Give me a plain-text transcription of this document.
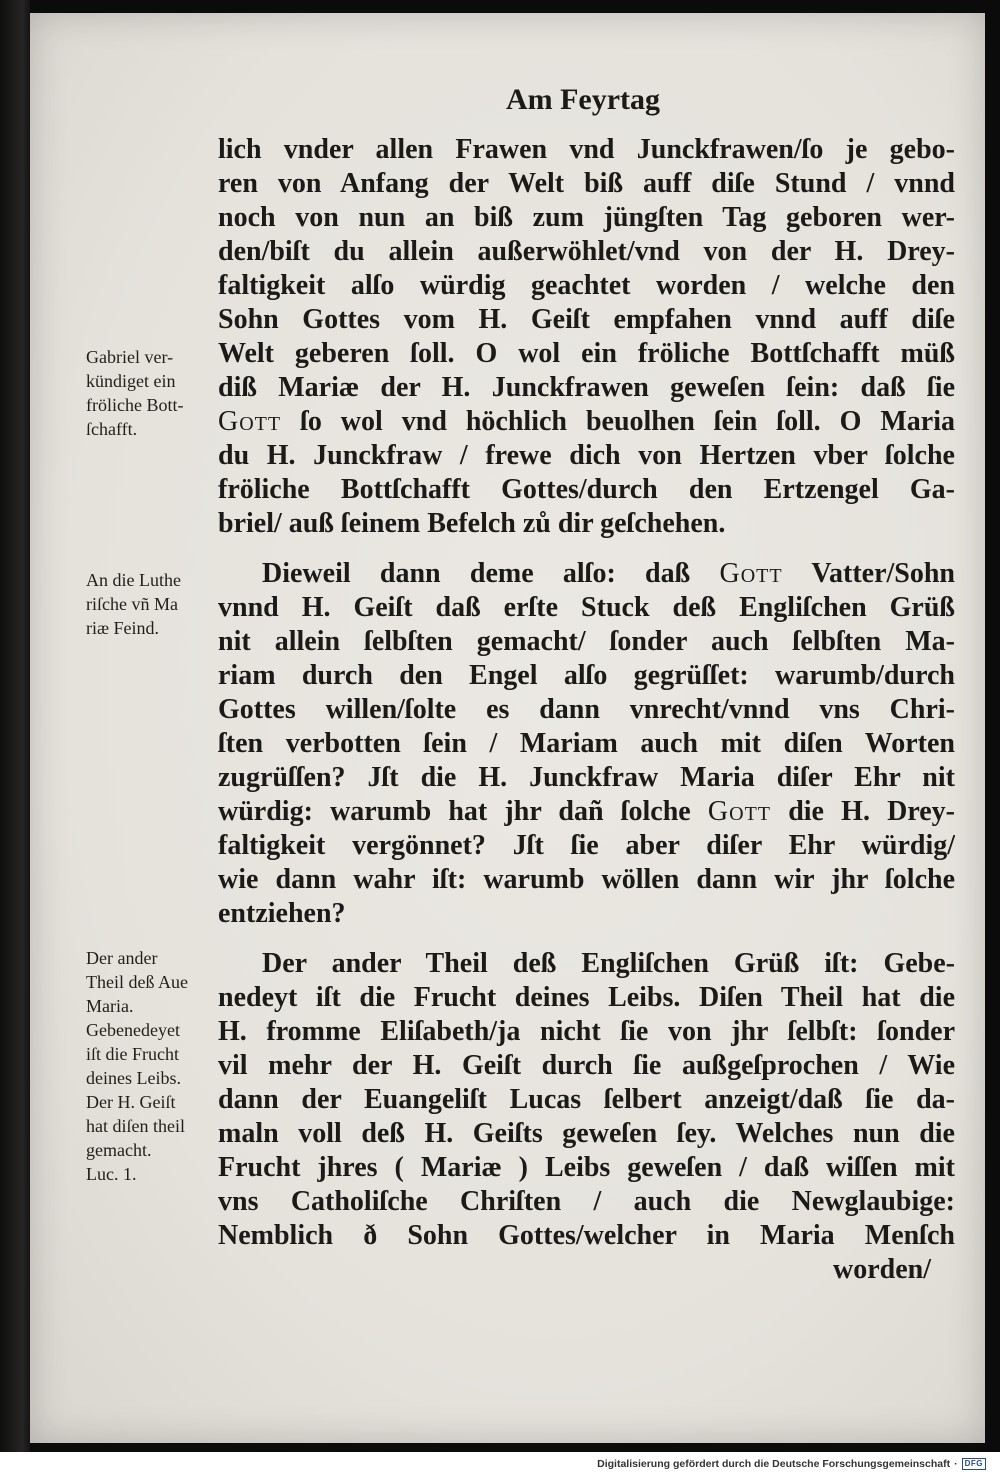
Am Feyrtag
lich vnder allen Frawen vnd Junckfrawen/ſo je gebo-
ren von Anfang der Welt biß auff diſe Stund / vnnd
noch von nun an biß zum jüngſten Tag geboren wer-
den/biſt du allein außerwöhlet/vnd von der H. Drey-
faltigkeit alſo würdig geachtet worden / welche den
Sohn Gottes vom H. Geiſt empfahen vnnd auff diſe
Welt geberen ſoll. O wol ein fröliche Bottſchafft müß
diß Mariæ der H. Junckfrawen geweſen ſein: daß ſie
Gott ſo wol vnd höchlich beuolhen ſein ſoll. O Maria
du H. Junckfraw / frewe dich von Hertzen vber ſolche
fröliche Bottſchafft Gottes/durch den Ertzengel Ga-
briel/ auß ſeinem Befelch zů dir geſchehen.
Dieweil dann deme alſo: daß Gott Vatter/Sohn
vnnd H. Geiſt daß erſte Stuck deß Engliſchen Grüß
nit allein ſelbſten gemacht/ ſonder auch ſelbſten Ma-
riam durch den Engel alſo gegrüſſet: warumb/durch
Gottes willen/ſolte es dann vnrecht/vnnd vns Chri-
ſten verbotten ſein / Mariam auch mit diſen Worten
zugrüſſen? Jſt die H. Junckfraw Maria diſer Ehr nit
würdig: warumb hat jhr dañ ſolche Gott die H. Drey-
faltigkeit vergönnet? Jſt ſie aber diſer Ehr würdig/
wie dann wahr iſt: warumb wöllen dann wir jhr ſolche
entziehen?
Der ander Theil deß Engliſchen Grüß iſt: Gebe-
nedeyt iſt die Frucht deines Leibs. Diſen Theil hat die
H. fromme Eliſabeth/ja nicht ſie von jhr ſelbſt: ſonder
vil mehr der H. Geiſt durch ſie außgeſprochen / Wie
dann der Euangeliſt Lucas ſelbert anzeigt/daß ſie da-
maln voll deß H. Geiſts geweſen ſey. Welches nun die
Frucht jhres ( Mariæ ) Leibs geweſen / daß wiſſen mit
vns Catholiſche Chriſten / auch die Newglaubige:
Nemblich ð Sohn Gottes/welcher in Maria Menſch
worden/
Gabriel ver-
kündiget ein
fröliche Bott-
ſchafft.
An die Luthe
riſche vñ Ma
riæ Feind.
Der ander
Theil deß Aue
Maria.
Gebenedeyet
iſt die Frucht
deines Leibs.
Der H. Geiſt
hat diſen theil
gemacht.
Luc. 1.
Digitalisierung gefördert durch die Deutsche Forschungsgemeinschaft · DFG
